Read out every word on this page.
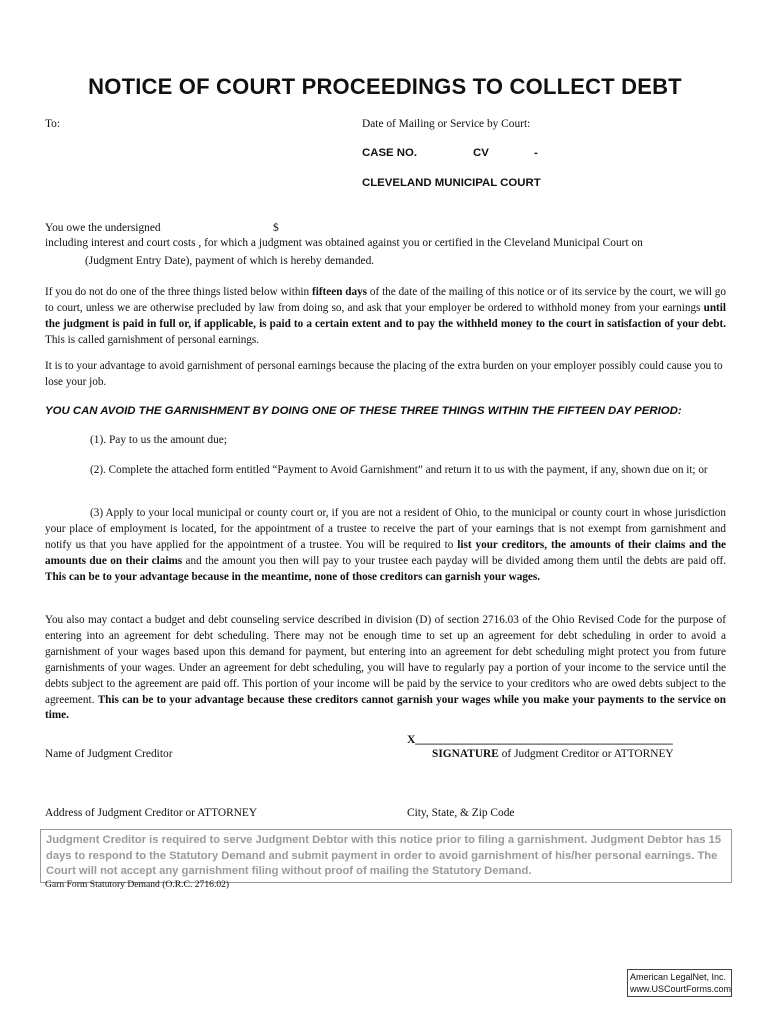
NOTICE OF COURT PROCEEDINGS TO COLLECT DEBT
To:	Date of Mailing or Service by Court:
CASE NO.	CV	-
CLEVELAND MUNICIPAL COURT
You owe the undersigned	$
including interest and court costs , for which a judgment was obtained against you or certified in the Cleveland Municipal Court on
(Judgment Entry Date), payment of which is hereby demanded.
If you do not do one of the three things listed below within fifteen days of the date of the mailing of this notice or of its service by the court, we will go to court, unless we are otherwise precluded by law from doing so, and ask that your employer be ordered to withhold money from your earnings until the judgment is paid in full or, if applicable, is paid to a certain extent and to pay the withheld money to the court in satisfaction of your debt. This is called garnishment of personal earnings.
It is to your advantage to avoid garnishment of personal earnings because the placing of the extra burden on your employer possibly could cause you to lose your job.
YOU CAN AVOID THE GARNISHMENT BY DOING ONE OF THESE THREE THINGS WITHIN THE FIFTEEN DAY PERIOD:
(1). Pay to us the amount due;
(2). Complete the attached form entitled “Payment to Avoid Garnishment” and return it to us with the payment, if any, shown due on it; or
(3) Apply to your local municipal or county court or, if you are not a resident of Ohio, to the municipal or county court in whose jurisdiction your place of employment is located, for the appointment of a trustee to receive the part of your earnings that is not exempt from garnishment and notify us that you have applied for the appointment of a trustee. You will be required to list your creditors, the amounts of their claims and the amounts due on their claims and the amount you then will pay to your trustee each payday will be divided among them until the debts are paid off. This can be to your advantage because in the meantime, none of those creditors can garnish your wages.
You also may contact a budget and debt counseling service described in division (D) of section 2716.03 of the Ohio Revised Code for the purpose of entering into an agreement for debt scheduling. There may not be enough time to set up an agreement for debt scheduling in order to avoid a garnishment of your wages based upon this demand for payment, but entering into an agreement for debt scheduling might protect you from future garnishments of your wages. Under an agreement for debt scheduling, you will have to regularly pay a portion of your income to the service until the debts subject to the agreement are paid off. This portion of your income will be paid by the service to your creditors who are owed debts subject to the agreement. This can be to your advantage because these creditors cannot garnish your wages while you make your payments to the service on time.
X______________________________________________
Name of Judgment Creditor	SIGNATURE of Judgment Creditor or ATTORNEY
Address of Judgment Creditor or ATTORNEY	City, State, & Zip Code
Judgment Creditor is required to serve Judgment Debtor with this notice prior to filing a garnishment. Judgment Debtor has 15 days to respond to the Statutory Demand and submit payment in order to avoid garnishment of his/her personal earnings. The Court will not accept any garnishment filing without proof of mailing the Statutory Demand.
Garn Form Statutory Demand (O.R.C. 2716.02)
American LegalNet, Inc.
www.USCourtForms.com
